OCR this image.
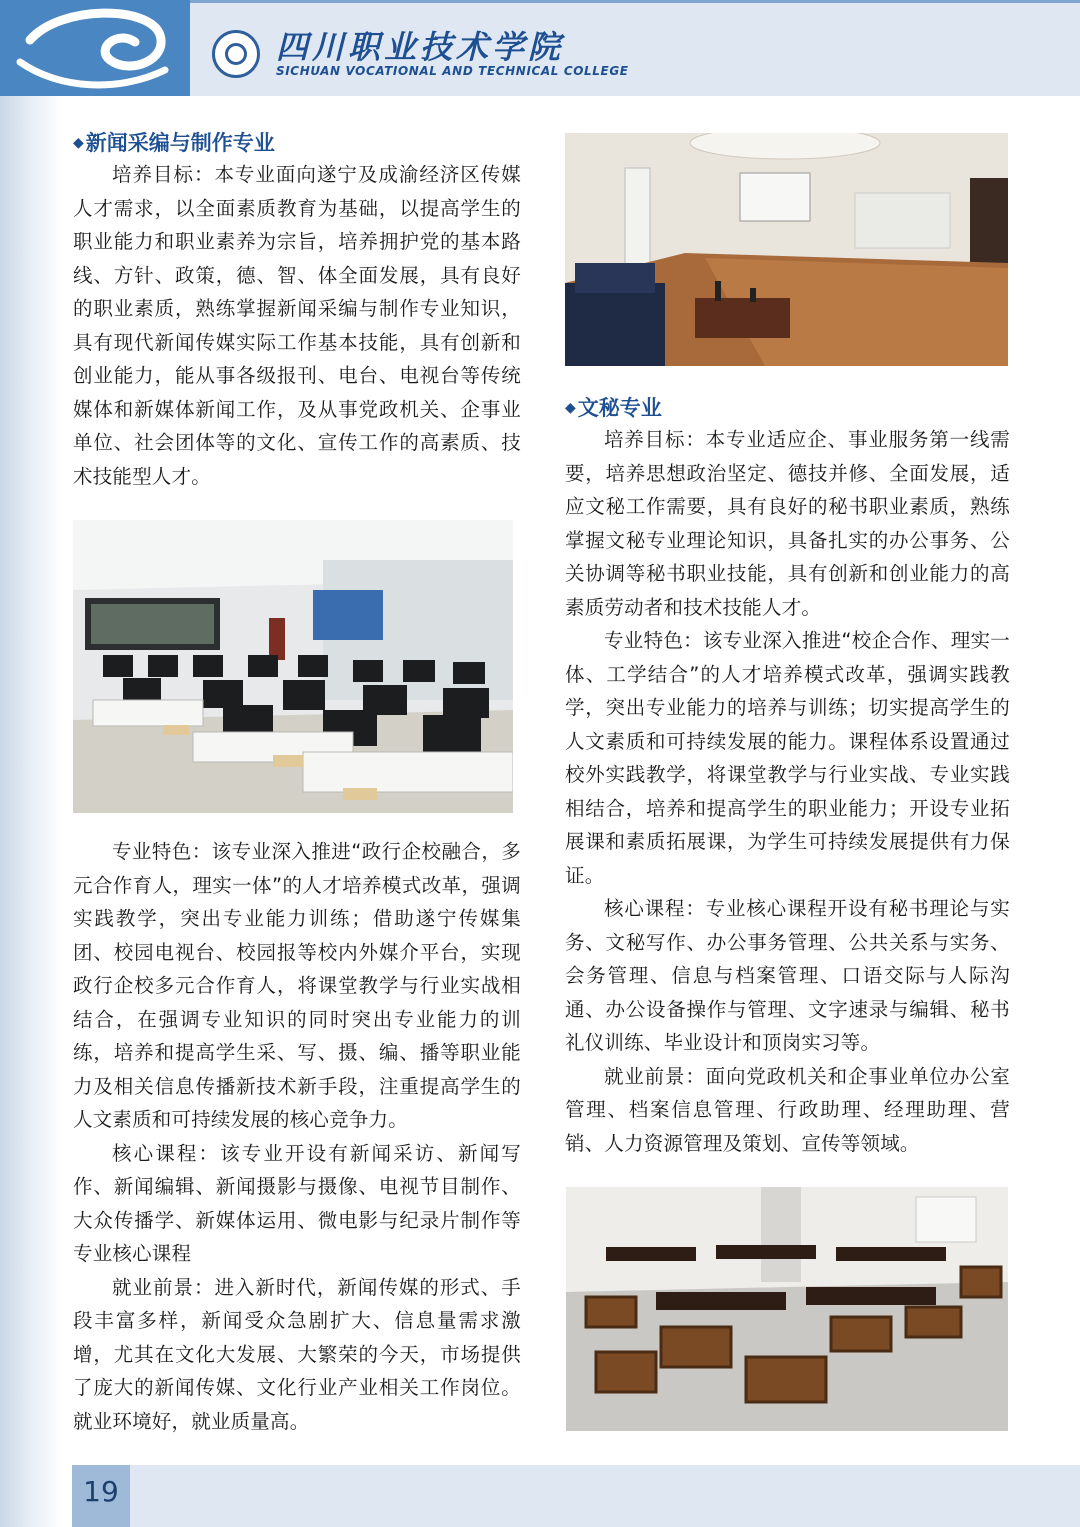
四川职业技术学院
SICHUAN VOCATIONAL AND TECHNICAL COLLEGE
◆新闻采编与制作专业

培养目标：本专业面向遂宁及成渝经济区传媒人才需求，以全面素质教育为基础，以提高学生的职业能力和职业素养为宗旨，培养拥护党的基本路线、方针、政策，德、智、体全面发展，具有良好的职业素质，熟练掌握新闻采编与制作专业知识，具有现代新闻传媒实际工作基本技能，具有创新和创业能力，能从事各级报刊、电台、电视台等传统媒体和新媒体新闻工作，及从事党政机关、企事业单位、社会团体等的文化、宣传工作的高素质、技术技能型人才。

专业特色：该专业深入推进“政行企校融合，多元合作育人，理实一体”的人才培养模式改革，强调实践教学，突出专业能力训练；借助遂宁传媒集团、校园电视台、校园报等校内外媒介平台，实现政行企校多元合作育人，将课堂教学与行业实战相结合，在强调专业知识的同时突出专业能力的训练，培养和提高学生采、写、摄、编、播等职业能力及相关信息传播新技术新手段，注重提高学生的人文素质和可持续发展的核心竞争力。

核心课程：该专业开设有新闻采访、新闻写作、新闻编辑、新闻摄影与摄像、电视节目制作、大众传播学、新媒体运用、微电影与纪录片制作等专业核心课程

就业前景：进入新时代，新闻传媒的形式、手段丰富多样，新闻受众急剧扩大、信息量需求激增，尤其在文化大发展、大繁荣的今天，市场提供了庞大的新闻传媒、文化行业产业相关工作岗位。就业环境好，就业质量高。

◆文秘专业

培养目标：本专业适应企、事业服务第一线需要，培养思想政治坚定、德技并修、全面发展，适应文秘工作需要，具有良好的秘书职业素质，熟练掌握文秘专业理论知识，具备扎实的办公事务、公关协调等秘书职业技能，具有创新和创业能力的高素质劳动者和技术技能人才。

专业特色：该专业深入推进“校企合作、理实一体、工学结合”的人才培养模式改革，强调实践教学，突出专业能力的培养与训练；切实提高学生的人文素质和可持续发展的能力。课程体系设置通过校外实践教学，将课堂教学与行业实战、专业实践相结合，培养和提高学生的职业能力；开设专业拓展课和素质拓展课，为学生可持续发展提供有力保证。

核心课程：专业核心课程开设有秘书理论与实务、文秘写作、办公事务管理、公共关系与实务、会务管理、信息与档案管理、口语交际与人际沟通、办公设备操作与管理、文字速录与编辑、秘书礼仪训练、毕业设计和顶岗实习等。

就业前景：面向党政机关和企事业单位办公室管理、档案信息管理、行政助理、经理助理、营销、人力资源管理及策划、宣传等领域。

19
